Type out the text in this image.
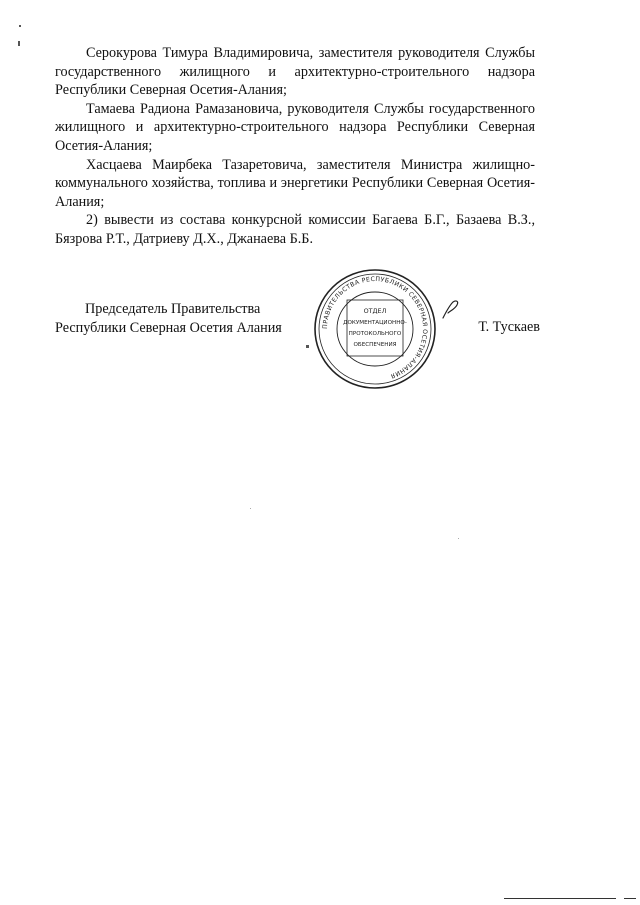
Серокурова Тимура Владимировича, заместителя руководителя Службы государственного жилищного и архитектурно-строительного надзора Республики Северная Осетия-Алания;

Тамаева Радиона Рамазановича, руководителя Службы государственного жилищного и архитектурно-строительного надзора Республики Северная Осетия-Алания;

Хасцаева Маирбека Тазаретовича, заместителя Министра жилищно-коммунального хозяйства, топлива и энергетики Республики Северная Осетия-Алания;

2) вывести из состава конкурсной комиссии Багаева Б.Г., Базаева В.З., Бязрова Р.Т., Датриеву Д.Х., Джанаева Б.Б.

Председатель Правительства
Республики Северная Осетия Алания	Т. Тускаев
ПРАВИТЕЛЬСТВА РЕСПУБЛИКИ СЕВЕРНАЯ ОСЕТИЯ-АЛАНИЯ
ОТДЕЛ
ДОКУМЕНТАЦИОННО-
ПРОТОКОЛЬНОГО
ОБЕСПЕЧЕНИЯ
